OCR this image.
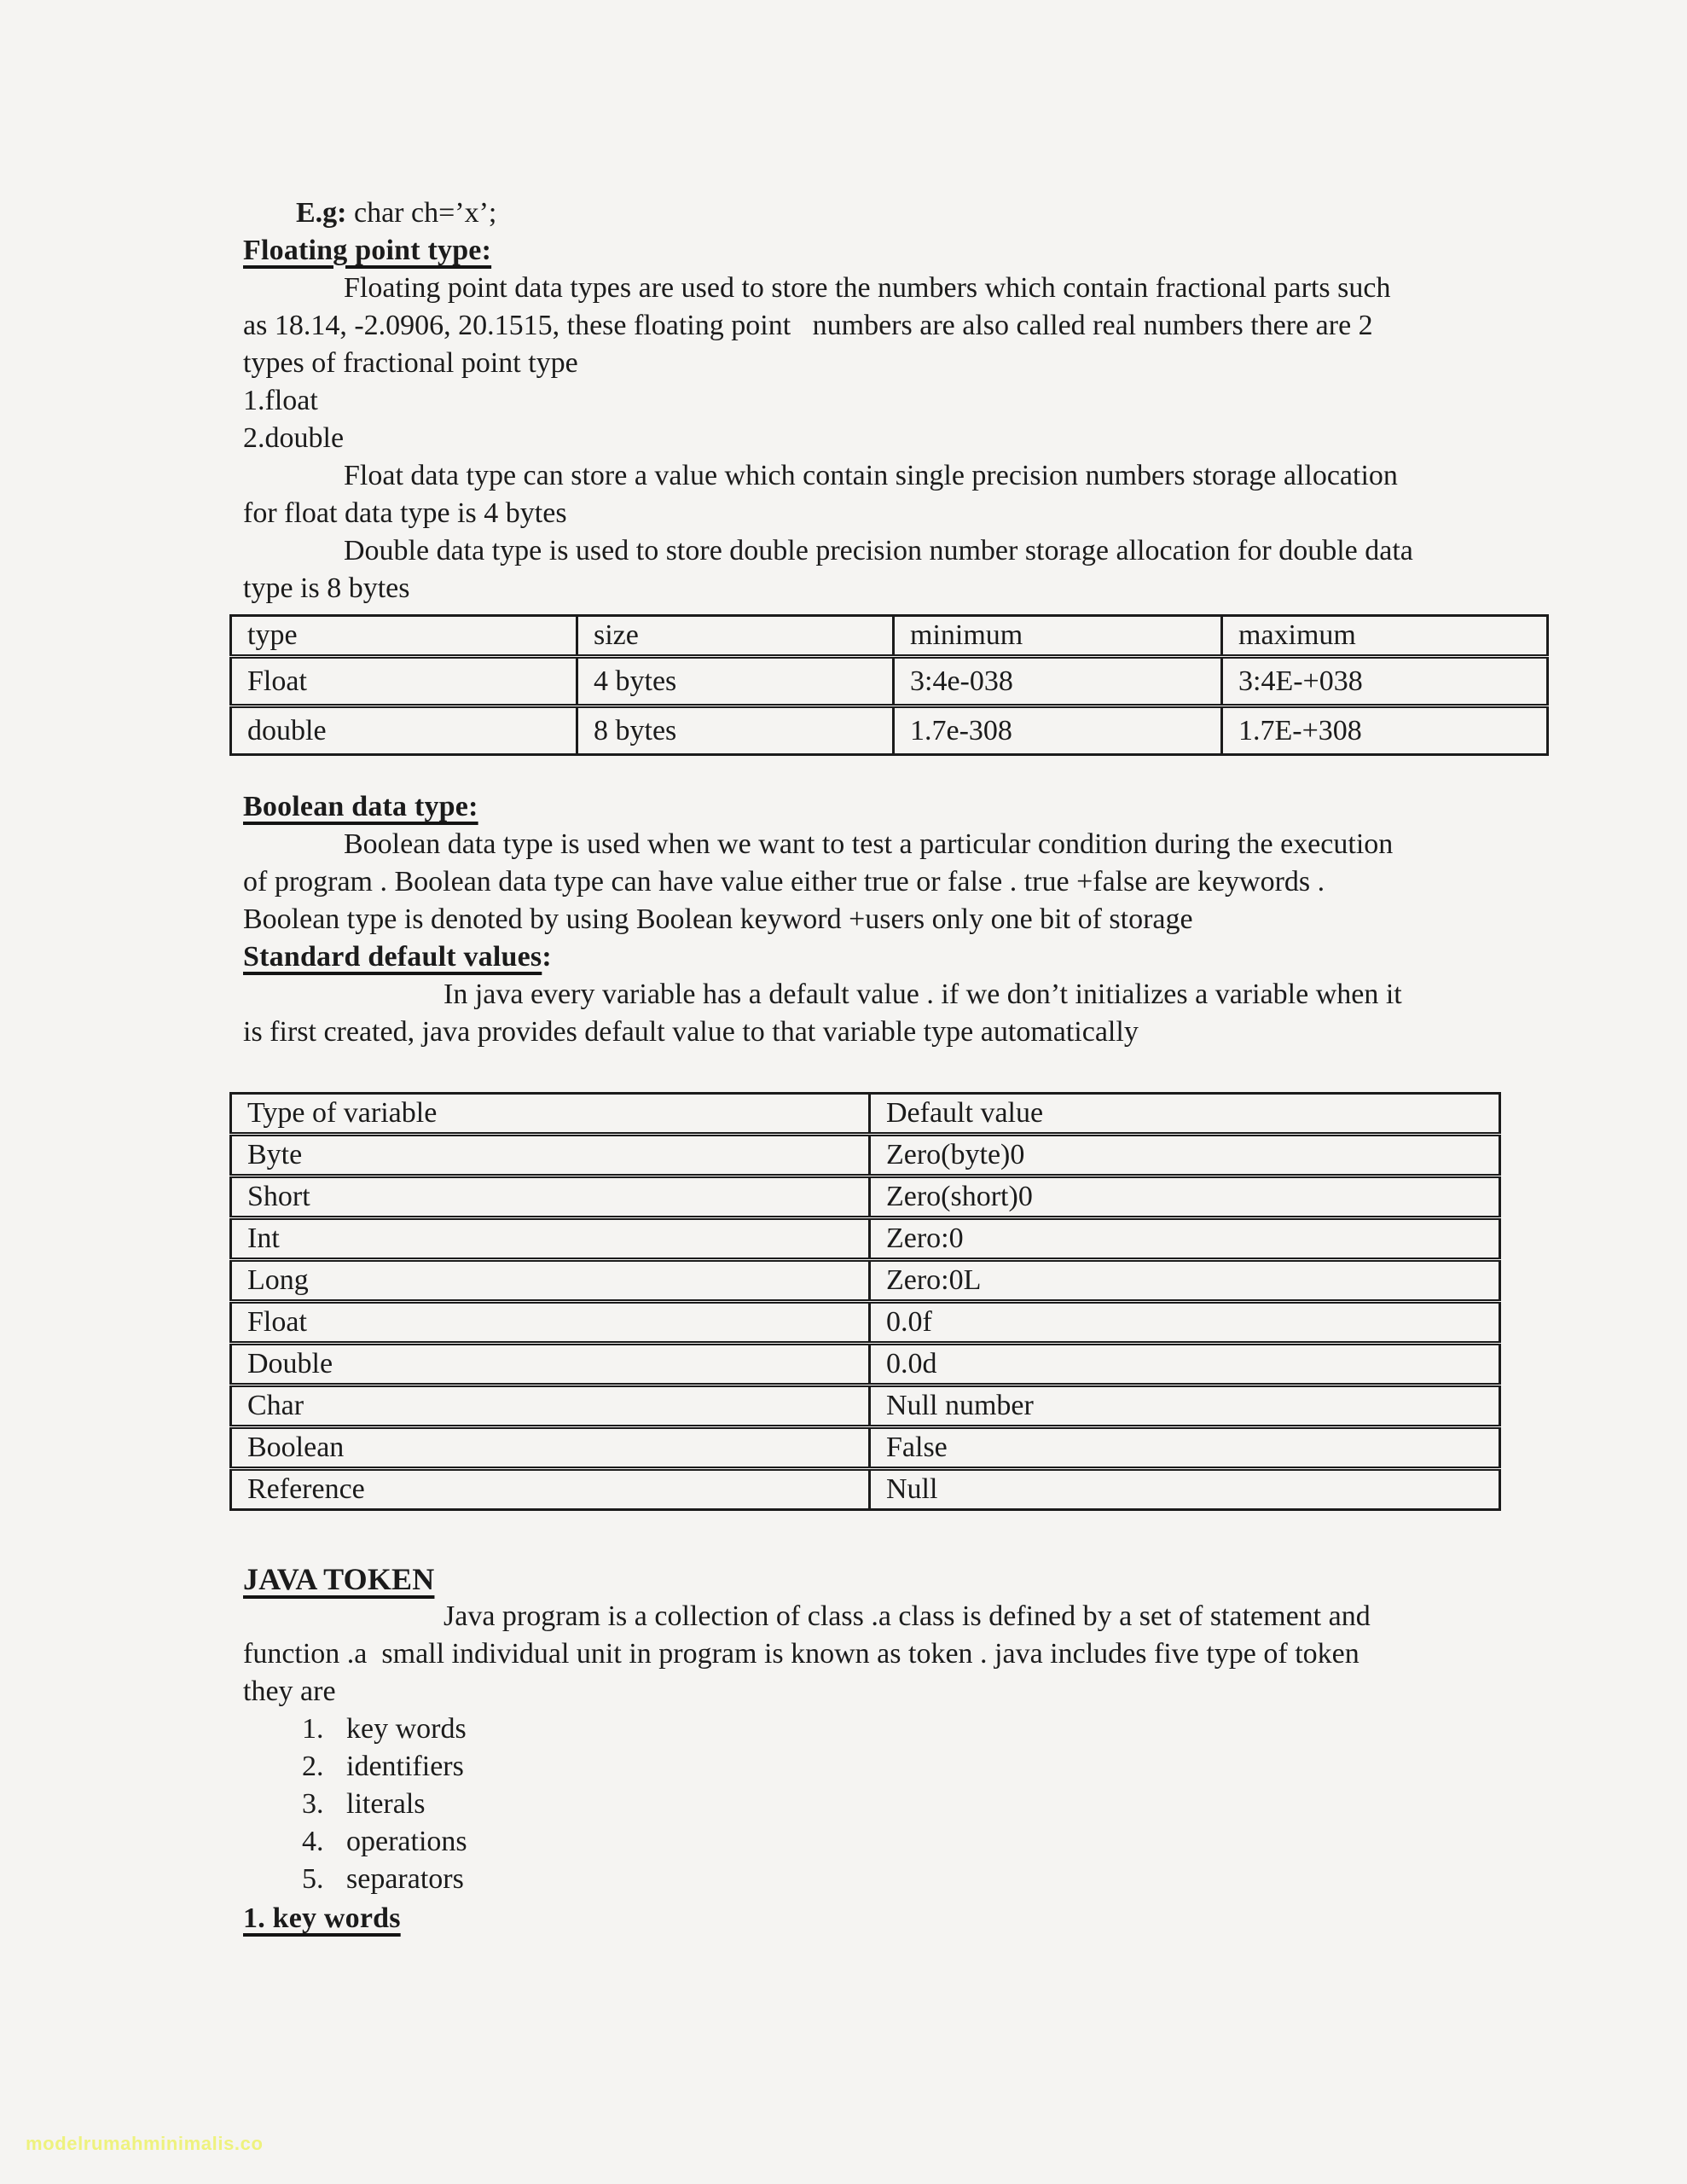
E.g: char ch=’x’;

Floating point type:

Floating point data types are used to store the numbers which contain fractional parts such as 18.14, -2.0906, 20.1515, these floating point   numbers are also called real numbers there are 2 types of fractional point type

1.float

2.double

Float data type can store a value which contain single precision numbers storage allocation for float data type is 4 bytes

Double data type is used to store double precision number storage allocation for double data type is 8 bytes

type	size	minimum	maximum
Float	4 bytes	3:4e-038	3:4E-+038
double	8 bytes	1.7e-308	1.7E-+308
Boolean data type:

Boolean data type is used when we want to test a particular condition during the execution of program . Boolean data type can have value either true or false . true +false are keywords . Boolean type is denoted by using Boolean keyword +users only one bit of storage

Standard default values:

In java every variable has a default value . if we don’t initializes a variable when it is first created, java provides default value to that variable type automatically

Type of variable	Default value
Byte	Zero(byte)0
Short	Zero(short)0
Int	Zero:0
Long	Zero:0L
Float	0.0f
Double	0.0d
Char	Null number
Boolean	False
Reference	Null
JAVA TOKEN

Java program is a collection of class .a class is defined by a set of statement and function .a  small individual unit in program is known as token . java includes five type of token they are

1. key words
2. identifiers
3. literals
4. operations
5. separators
1. key words
modelrumahminimalis.co
